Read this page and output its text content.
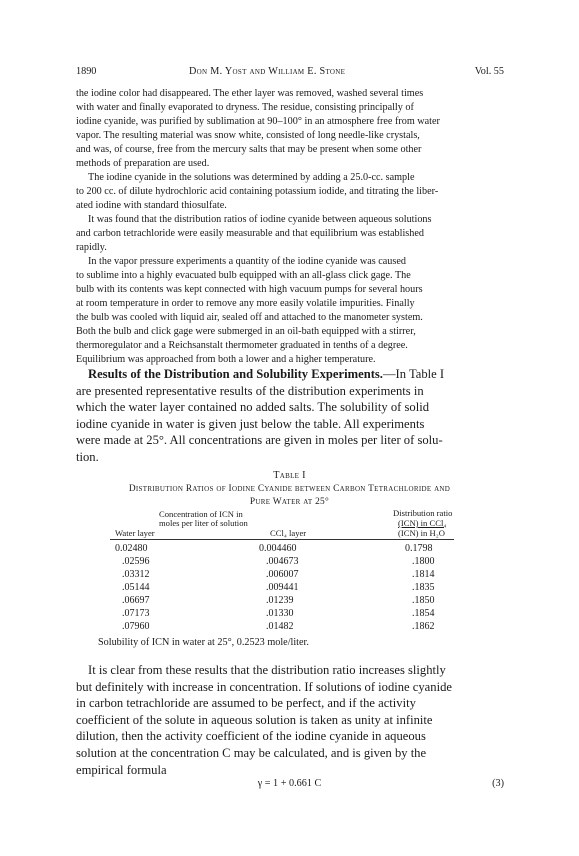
1890	Don M. Yost and William E. Stone	Vol. 55
the iodine color had disappeared. The ether layer was removed, washed several times
with water and finally evaporated to dryness. The residue, consisting principally of
iodine cyanide, was purified by sublimation at 90–100° in an atmosphere free from water
vapor. The resulting material was snow white, consisted of long needle-like crystals,
and was, of course, free from the mercury salts that may be present when some other
methods of preparation are used.
The iodine cyanide in the solutions was determined by adding a 25.0-cc. sample
to 200 cc. of dilute hydrochloric acid containing potassium iodide, and titrating the liber-
ated iodine with standard thiosulfate.
It was found that the distribution ratios of iodine cyanide between aqueous solutions
and carbon tetrachloride were easily measurable and that equilibrium was established
rapidly.
In the vapor pressure experiments a quantity of the iodine cyanide was caused
to sublime into a highly evacuated bulb equipped with an all-glass click gage. The
bulb with its contents was kept connected with high vacuum pumps for several hours
at room temperature in order to remove any more easily volatile impurities. Finally
the bulb was cooled with liquid air, sealed off and attached to the manometer system.
Both the bulb and click gage were submerged in an oil-bath equipped with a stirrer,
thermoregulator and a Reichsanstalt thermometer graduated in tenths of a degree.
Equilibrium was approached from both a lower and a higher temperature.
Results of the Distribution and Solubility Experiments.—In Table I
are presented representative results of the distribution experiments in
which the water layer contained no added salts. The solubility of solid
iodine cyanide in water is given just below the table. All experiments
were made at 25°. All concentrations are given in moles per liter of solu-
tion.
Table I
Distribution Ratios of Iodine Cyanide between Carbon Tetrachloride and
Pure Water at 25°
Concentration of ICN in
moles per liter of solution
Water layer	CCl₄ layer
Distribution ratio
(ICN) in CCl₄
(ICN) in H₂O
0.02480	0.004460	0.1798
.02596	.004673	.1800
.03312	.006007	.1814
.05144	.009441	.1835
.06697	.01239	.1850
.07173	.01330	.1854
.07960	.01482	.1862
Solubility of ICN in water at 25°, 0.2523 mole/liter.
It is clear from these results that the distribution ratio increases slightly
but definitely with increase in concentration. If solutions of iodine cyanide
in carbon tetrachloride are assumed to be perfect, and if the activity
coefficient of the solute in aqueous solution is taken as unity at infinite
dilution, then the activity coefficient of the iodine cyanide in aqueous
solution at the concentration C may be calculated, and is given by the
empirical formula
γ = 1 + 0.661 C	(3)
